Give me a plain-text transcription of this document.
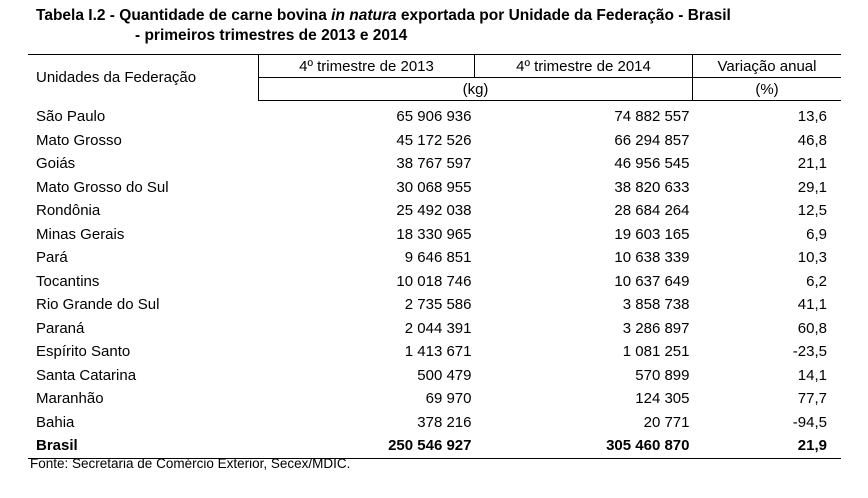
Tabela I.2 - Quantidade de carne bovina in natura exportada por Unidade da Federação - Brasil
- primeiros trimestres de 2013 e 2014
Unidades da Federação	4º trimestre de 2013	4º trimestre de 2014	Variação anual
	(kg)		(%)
São Paulo	65 906 936	74 882 557	13,6
Mato Grosso	45 172 526	66 294 857	46,8
Goiás	38 767 597	46 956 545	21,1
Mato Grosso do Sul	30 068 955	38 820 633	29,1
Rondônia	25 492 038	28 684 264	12,5
Minas Gerais	18 330 965	19 603 165	6,9
Pará	9 646 851	10 638 339	10,3
Tocantins	10 018 746	10 637 649	6,2
Rio Grande do Sul	2 735 586	3 858 738	41,1
Paraná	2 044 391	3 286 897	60,8
Espírito Santo	1 413 671	1 081 251	-23,5
Santa Catarina	500 479	570 899	14,1
Maranhão	69 970	124 305	77,7
Bahia	378 216	20 771	-94,5
Brasil	250 546 927	305 460 870	21,9
Fonte: Secretaria de Comércio Exterior, Secex/MDIC.
